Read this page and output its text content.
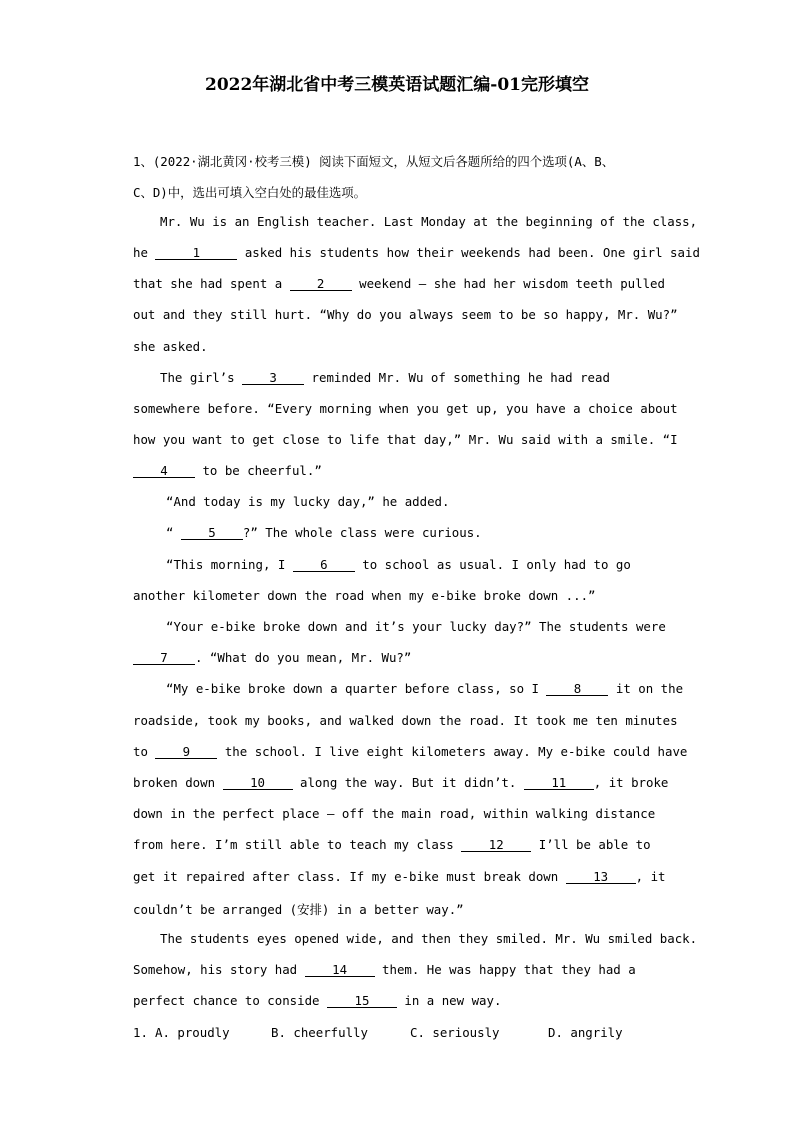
2022年湖北省中考三模英语试题汇编-01完形填空
1、(2022·湖北黄冈·校考三模) 阅读下面短文，从短文后各题所给的四个选项(A、B、
C、D)中，选出可填入空白处的最佳选项。
Mr. Wu is an English teacher. Last Monday at the beginning of the class,
he	1	asked his students how their weekends had been. One girl said
that she had spent a 2 weekend — she had her wisdom teeth pulled
out and they still hurt. “Why do you always seem to be so happy, Mr. Wu?”
she asked.
The girl’s 3 reminded Mr. Wu of something he had read
somewhere before. “Every morning when you get up, you have a choice about
how you want to get close to life that day,” Mr. Wu said with a smile. “I
4 to be cheerful.”
“And today is my lucky day,” he added.
“ 5 ?” The whole class were curious.
“This morning, I 6 to school as usual. I only had to go
another kilometer down the road when my e-bike broke down ...”
“Your e-bike broke down and it’s your lucky day?” The students were
7 . “What do you mean, Mr. Wu?”
“My e-bike broke down a quarter before class, so I 8 it on the
roadside, took my books, and walked down the road. It took me ten minutes
to 9 the school. I live eight kilometers away. My e-bike could have
broken down 10 along the way. But it didn’t. 11 , it broke
down in the perfect place — off the main road, within walking distance
from here. I’m still able to teach my class 12 I’ll be able to
get it repaired after class. If my e-bike must break down 13 , it
couldn’t be arranged (安排) in a better way.”
The students eyes opened wide, and then they smiled. Mr. Wu smiled back.
Somehow, his story had 14 them. He was happy that they had a
perfect chance to conside 15 in a new way.
1. A. proudly	B. cheerfully	C. seriously	D. angrily
